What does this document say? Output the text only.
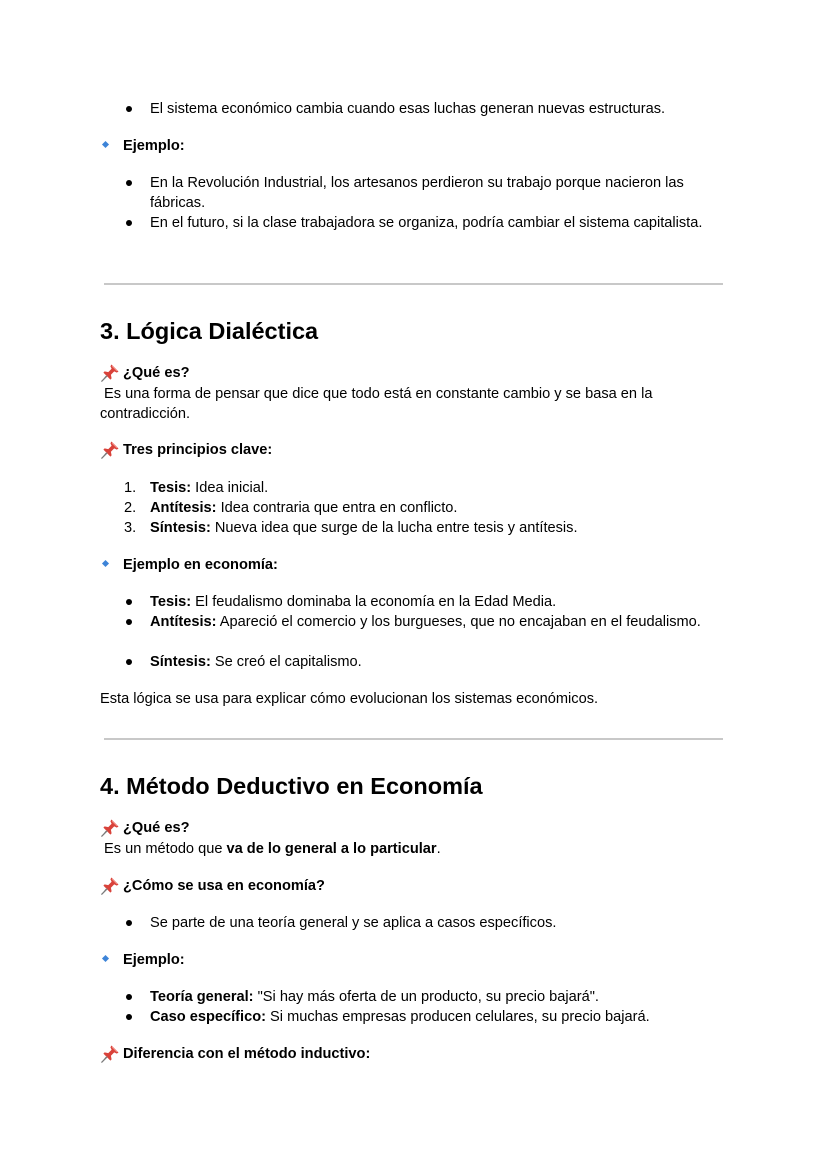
El sistema económico cambia cuando esas luchas generan nuevas estructuras.
Ejemplo:
En la Revolución Industrial, los artesanos perdieron su trabajo porque nacieron las fábricas.
En el futuro, si la clase trabajadora se organiza, podría cambiar el sistema capitalista.
3. Lógica Dialéctica
¿Qué es?
Es una forma de pensar que dice que todo está en constante cambio y se basa en la contradicción.
Tres principios clave:
1. Tesis: Idea inicial.
2. Antítesis: Idea contraria que entra en conflicto.
3. Síntesis: Nueva idea que surge de la lucha entre tesis y antítesis.
Ejemplo en economía:
Tesis: El feudalismo dominaba la economía en la Edad Media.
Antítesis: Apareció el comercio y los burgueses, que no encajaban en el feudalismo.
Síntesis: Se creó el capitalismo.
Esta lógica se usa para explicar cómo evolucionan los sistemas económicos.
4. Método Deductivo en Economía
¿Qué es?
Es un método que va de lo general a lo particular.
¿Cómo se usa en economía?
Se parte de una teoría general y se aplica a casos específicos.
Ejemplo:
Teoría general: "Si hay más oferta de un producto, su precio bajará".
Caso específico: Si muchas empresas producen celulares, su precio bajará.
Diferencia con el método inductivo:
